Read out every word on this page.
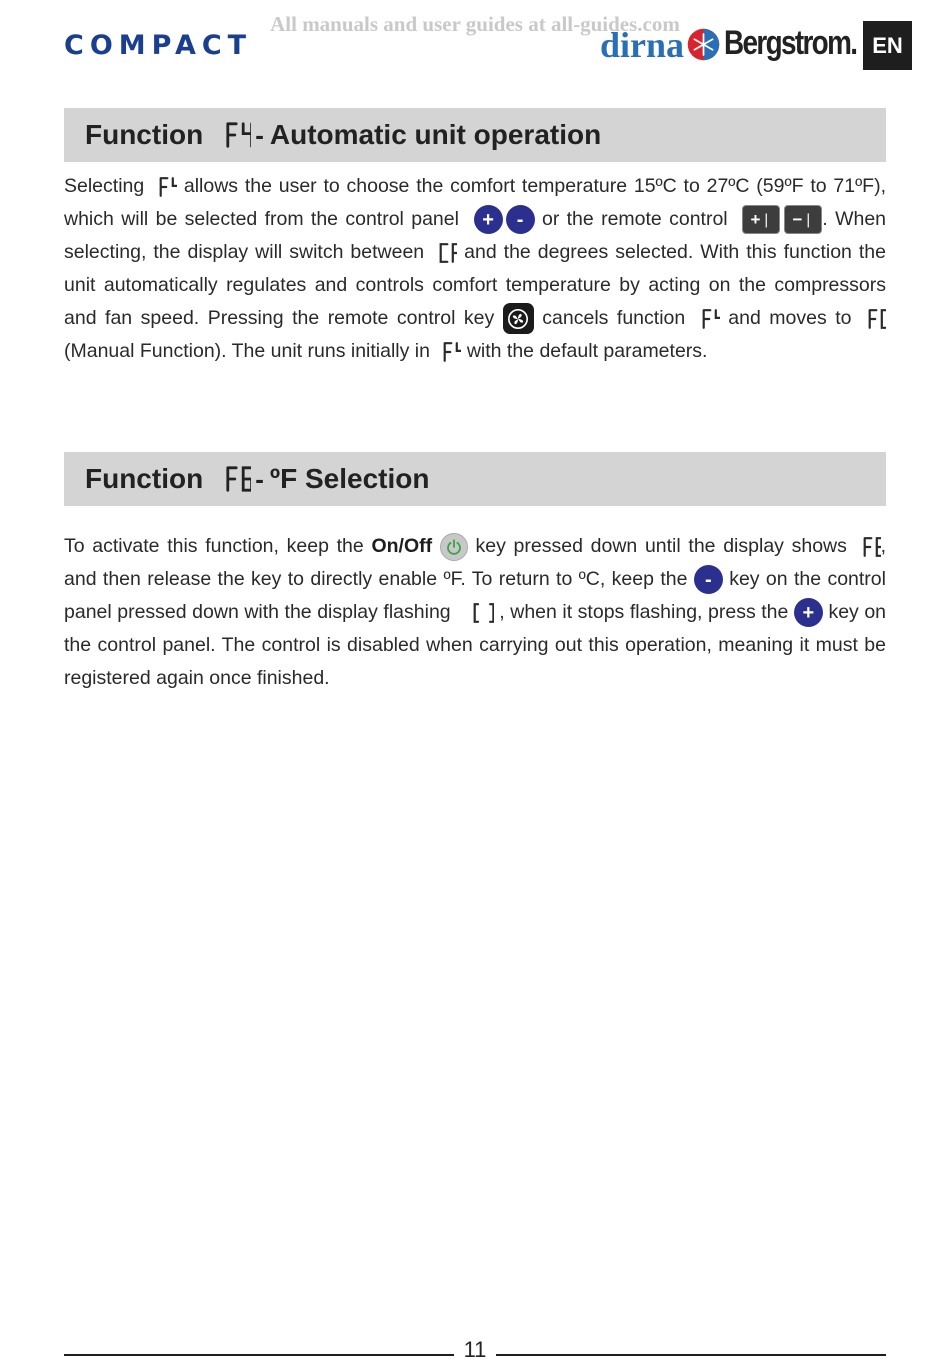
All manuals and user guides at all-guides.com
COMPACT	dirna Bergstrom. EN
Function - Automatic unit operation
Selecting allows the user to choose the comfort temperature 15ºC to 27ºC (59ºF to 71ºF), which will be selected from the control panel + - or the remote control + ❘ − ❘ . When selecting, the display will switch between and the degrees selected. With this function the unit automatically regulates and controls comfort temperature by acting on the compressors and fan speed. Pressing the remote control key cancels function and moves to  (Manual Function). The unit runs initially in with the default parameters.
Function - ºF Selection
To activate this function, keep the On/Off key pressed down until the display shows , and then release the key to directly enable ºF. To return to ºC, keep the - key on the control panel pressed down with the display flashing , when it stops flashing, press the + key on the control panel. The control is disabled when carrying out this operation, meaning it must be registered again once finished.
11
